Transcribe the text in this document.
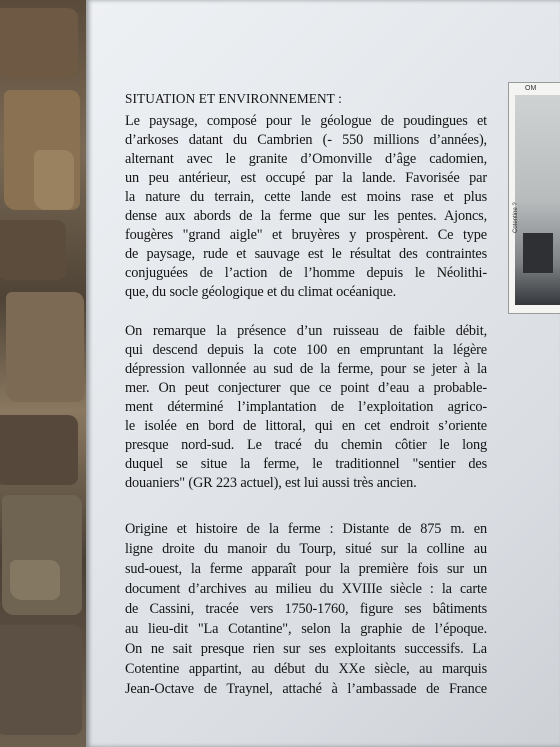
SITUATION ET ENVIRONNEMENT :
Le paysage, composé pour le géologue de poudingues et
d’arkoses datant du Cambrien (- 550 millions d’années),
alternant avec le granite d’Omonville d’âge cadomien,
un peu antérieur, est occupé par la lande. Favorisée par
la nature du terrain, cette lande est moins rase et plus
dense aux abords de la ferme que sur les pentes. Ajoncs,
fougères "grand aigle" et bruyères y prospèrent. Ce type
de paysage, rude et sauvage est le résultat des contraintes
conjuguées de l’action de l’homme depuis le Néolithi-
que, du socle géologique et du climat océanique.
On remarque la présence d’un ruisseau de faible débit,
qui descend depuis la cote 100 en empruntant la légère
dépression vallonnée au sud de la ferme, pour se jeter à la
mer. On peut conjecturer que ce point d’eau a probable-
ment déterminé l’implantation de l’exploitation agrico-
le isolée en bord de littoral, qui en cet endroit s’oriente
presque nord-sud. Le tracé du chemin côtier le long
duquel se situe la ferme, le traditionnel "sentier des
douaniers" (GR 223 actuel), est lui aussi très ancien.
Origine et histoire de la ferme : Distante de 875 m. en
ligne droite du manoir du Tourp, situé sur la colline au
sud-ouest, la ferme apparaît pour la première fois sur un
document d’archives au milieu du XVIIIe siècle : la carte
de Cassini, tracée vers 1750-1760, figure ses bâtiments
au lieu-dit "La Cotantine", selon la graphie de l’époque.
On ne sait presque rien sur ses exploitants successifs. La
Cotentine appartint, au début du XXe siècle, au marquis
Jean-Octave de Traynel, attaché à l’ambassade de France
OM
Cotentine ?
